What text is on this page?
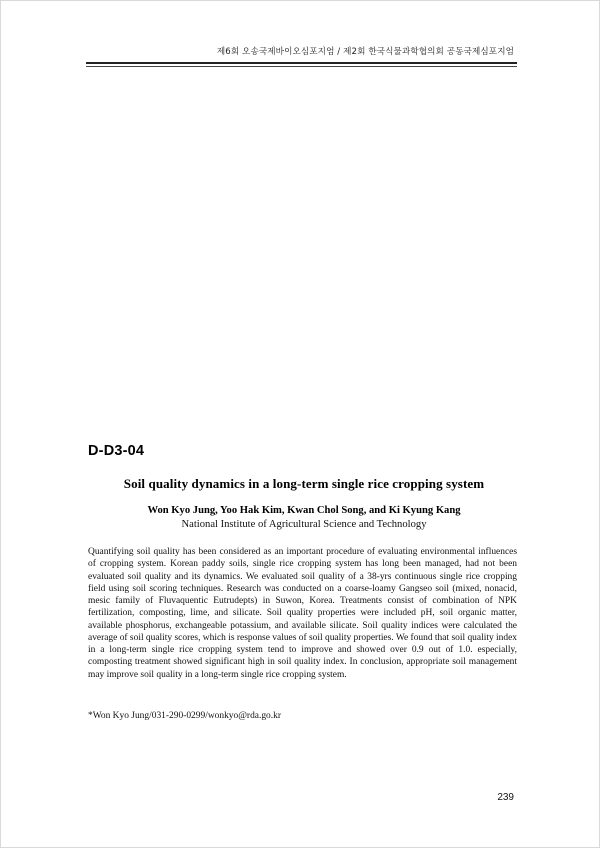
제6회 오송국제바이오심포지엄 / 제2회 한국식물과학협의회 공동국제심포지엄
D-D3-04
Soil quality dynamics in a long-term single rice cropping system
Won Kyo Jung, Yoo Hak Kim, Kwan Chol Song, and Ki Kyung Kang
National Institute of Agricultural Science and Technology

Quantifying soil quality has been considered as an important procedure of evaluating environmental influences of cropping system. Korean paddy soils, single rice cropping system has long been managed, had not been evaluated soil quality and its dynamics. We evaluated soil quality of a 38-yrs continuous single rice cropping field using soil scoring techniques. Research was conducted on a coarse-loamy Gangseo soil (mixed, nonacid, mesic family of Fluvaquentic Eutrudepts) in Suwon, Korea. Treatments consist of combination of NPK fertilization, composting, lime, and silicate. Soil quality properties were included pH, soil organic matter, available phosphorus, exchangeable potassium, and available silicate. Soil quality indices were calculated the average of soil quality scores, which is response values of soil quality properties. We found that soil quality index in a long-term single rice cropping system tend to improve and showed over 0.9 out of 1.0. especially, composting treatment showed significant high in soil quality index. In conclusion, appropriate soil management may improve soil quality in a long-term single rice cropping system.

*Won Kyo Jung/031-290-0299/wonkyo@rda.go.kr

239
